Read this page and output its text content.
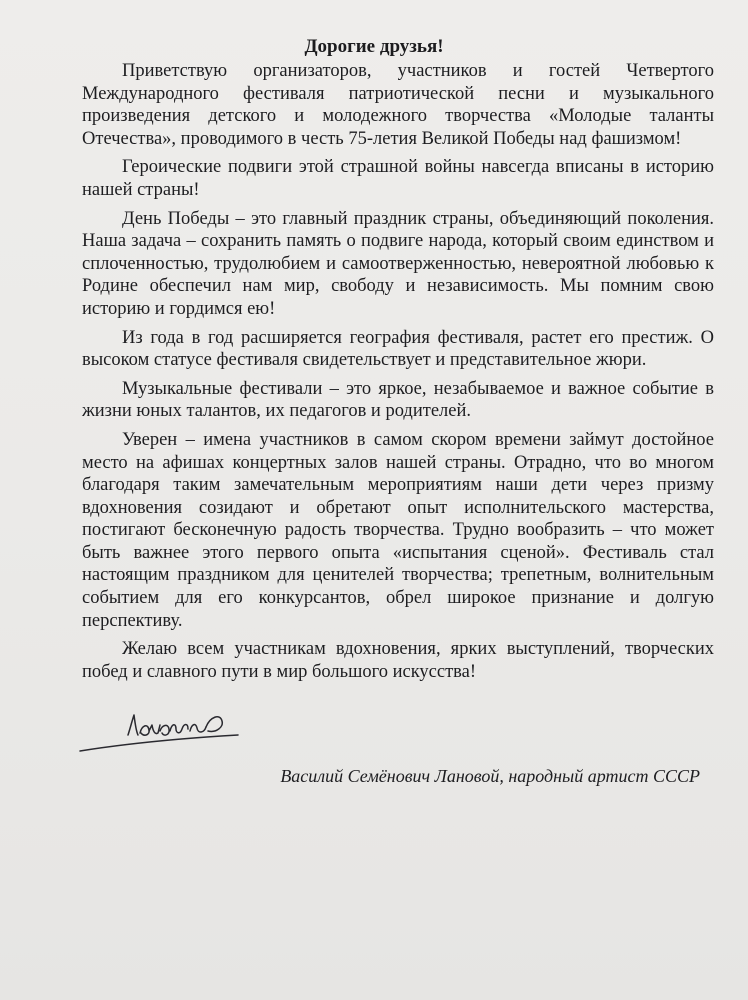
Дорогие друзья!

Приветствую организаторов, участников и гостей Четвертого Международного фестиваля патриотической песни и музыкального произведения детского и молодежного творчества «Молодые таланты Отечества», проводимого в честь 75-летия Великой Победы над фашизмом!

Героические подвиги этой страшной войны навсегда вписаны в историю нашей страны!

День Победы – это главный праздник страны, объединяющий поколения. Наша задача – сохранить память о подвиге народа, который своим единством и сплоченностью, трудолюбием и самоотверженностью, невероятной любовью к Родине обеспечил нам мир, свободу и независимость. Мы помним свою историю и гордимся ею!

Из года в год расширяется география фестиваля, растет его престиж. О высоком статусе фестиваля свидетельствует и представительное жюри.

Музыкальные фестивали – это яркое, незабываемое и важное событие в жизни юных талантов, их педагогов и родителей.

Уверен – имена участников в самом скором времени займут достойное место на афишах концертных залов нашей страны. Отрадно, что во многом благодаря таким замечательным мероприятиям наши дети через призму вдохновения созидают и обретают опыт исполнительского мастерства, постигают бесконечную радость творчества. Трудно вообразить – что может быть важнее этого первого опыта «испытания сценой». Фестиваль стал настоящим праздником для ценителей творчества; трепетным, волнительным событием для его конкурсантов, обрел широкое признание и долгую перспективу.

Желаю всем участникам вдохновения, ярких выступлений, творческих побед и славного пути в мир большого искусства!

Василий Семёнович Лановой, народный артист СССР
